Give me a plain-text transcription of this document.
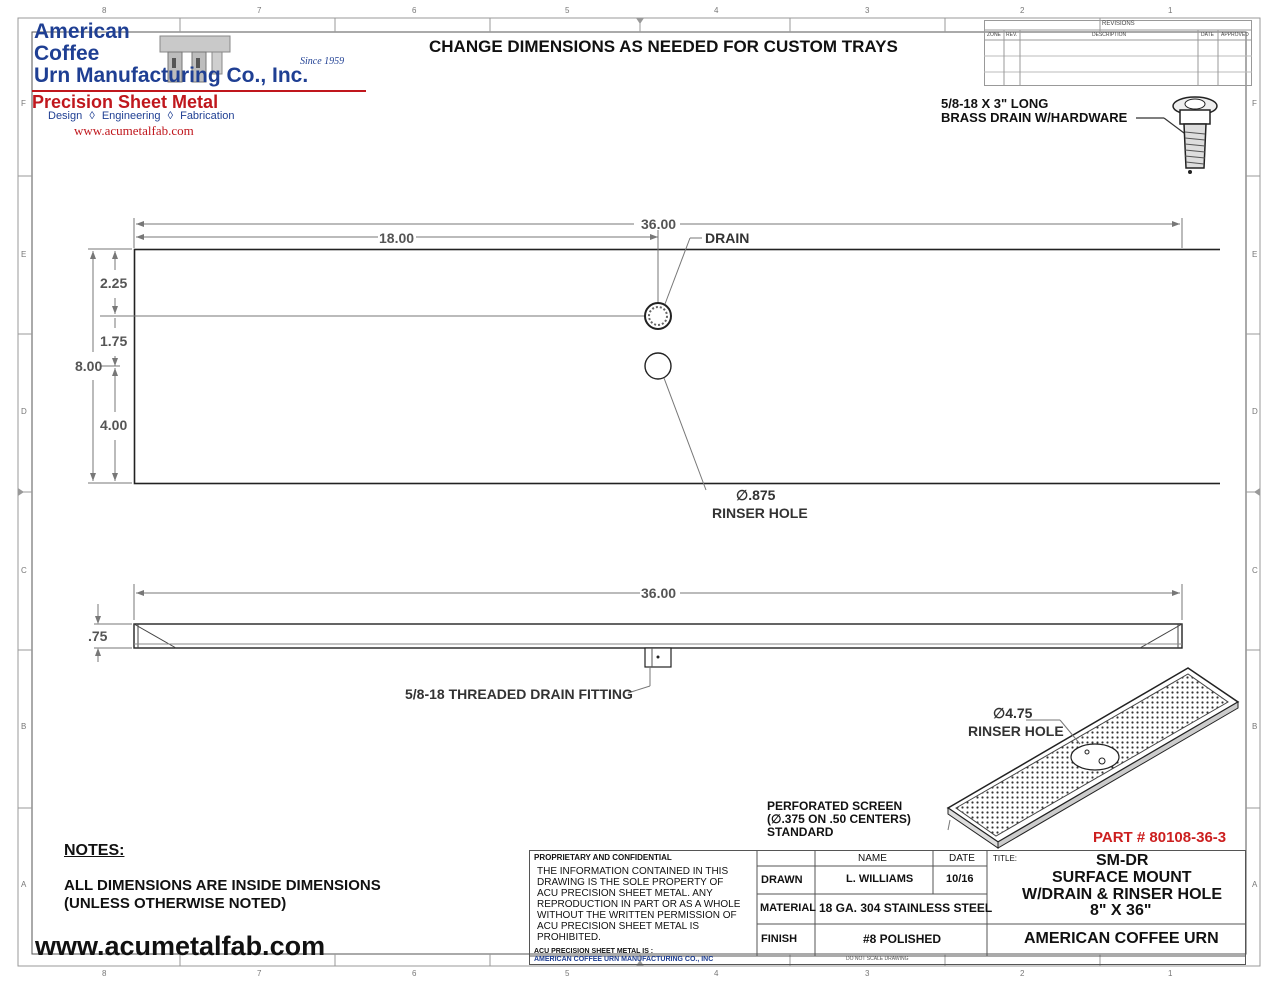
8	7	6	5	4	3	2	1
8	7	6	5	4	3	2	1
F
E
D
C
B
A
F
E
D
C
B
A
American
Coffee
Urn Manufacturing Co., Inc.
Since 1959
Precision Sheet Metal
Design ◊ Engineering ◊ Fabrication
www.acumetalfab.com
CHANGE DIMENSIONS AS NEEDED FOR CUSTOM TRAYS
REVISIONS
ZONE REV.	DESCRIPTION	DATE APPROVED
5/8-18 X 3" LONG
BRASS DRAIN W/HARDWARE
36.00
18.00
8.00
2.25
1.75
4.00
DRAIN
∅.875
RINSER HOLE
36.00
.75
5/8-18 THREADED DRAIN FITTING
∅4.75
RINSER HOLE
PERFORATED SCREEN
(∅.375 ON .50 CENTERS)
STANDARD	PART # 80108-36-3
NOTES:
ALL DIMENSIONS ARE INSIDE DIMENSIONS
(UNLESS OTHERWISE NOTED)
www.acumetalfab.com
PROPRIETARY AND CONFIDENTIAL
THE INFORMATION CONTAINED IN THIS
DRAWING IS THE SOLE PROPERTY OF
ACU PRECISION SHEET METAL. ANY
REPRODUCTION IN PART OR AS A WHOLE
WITHOUT THE WRITTEN PERMISSION OF
ACU PRECISION SHEET METAL IS
PROHIBITED.
ACU PRECISION SHEET METAL IS :
AMERICAN COFFEE URN MANUFACTURING CO., INC
NAME	DATE
DRAWN	L. WILLIAMS	10/16
MATERIAL 18 GA. 304 STAINLESS STEEL
FINISH	#8 POLISHED
TITLE:	SM-DR
SURFACE MOUNT
W/DRAIN & RINSER HOLE
8" X 36"
AMERICAN COFFEE URN
DO NOT SCALE DRAWING
